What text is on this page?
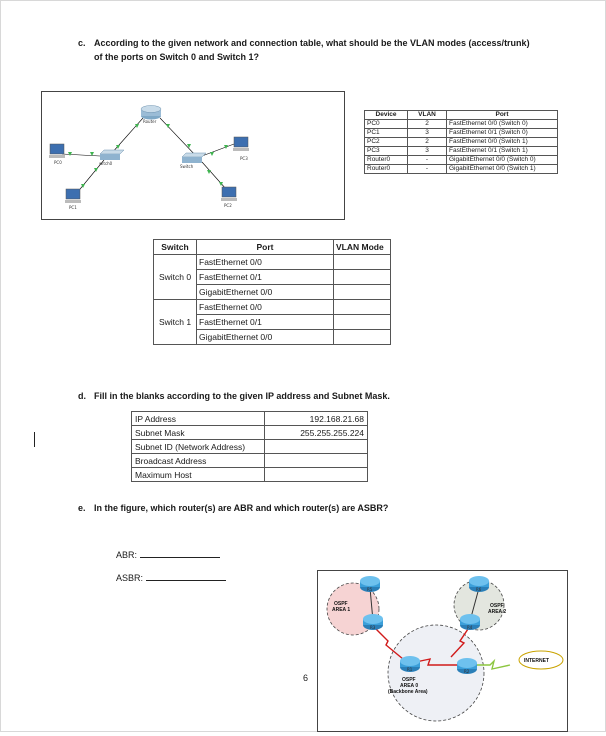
c. According to the given network and connection table, what should be the VLAN modes (access/trunk)
of the ports on Switch 0 and Switch 1?
Router
witch0
Switch
PC0
PC1	PC2
PC3
Device	VLAN	Port
PC0	2	FastEthernet 0/0 (Switch 0)
PC1	3	FastEthernet 0/1 (Switch 0)
PC2	2	FastEthernet 0/0 (Switch 1)
PC3	3	FastEthernet 0/1 (Switch 1)
Router0	-	GigabitEthernet 0/0 (Switch 0)
Router0	-	GigabitEthernet 0/0 (Switch 1)
Switch	Port	VLAN Mode
Switch 0	FastEthernet 0/0	
	FastEthernet 0/1	
	GigabitEthernet 0/0	
Switch 1	FastEthernet 0/0	
	FastEthernet 0/1	
	GigabitEthernet 0/0	
d. Fill in the blanks according to the given IP address and Subnet Mask.
IP Address	192.168.21.68
Subnet Mask	255.255.255.224
Subnet ID (Network Address)	
Broadcast Address	
Maximum Host	
e. In the figure, which router(s) are ABR and which router(s) are ASBR?
ABR:
ASBR:
6
R5
R3
R6
R4
R1	R2
OSPF
AREA 1
OSPF
AREA 2
OSPF
AREA 0
(Backbone Area)
INTERNET
